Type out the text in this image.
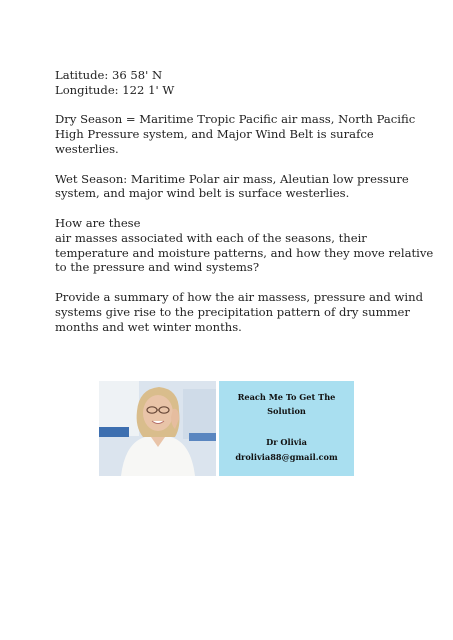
Latitude: 36 58' N
Longitude: 122 1' W

Dry Season = Maritime Tropic Pacific air mass, North Pacific
High Pressure system, and Major Wind Belt is surafce
westerlies.

Wet Season: Maritime Polar air mass, Aleutian low pressure
system, and major wind belt is surface westerlies.

How are these
air masses associated with each of the seasons, their
temperature and moisture patterns, and how they move relative
to the pressure and wind systems?

Provide a summary of how the air massess, pressure and wind
systems give rise to the precipitation pattern of dry summer
months and wet winter months.

Reach Me To Get The
Solution
Dr Olivia
drolivia88@gmail.com
